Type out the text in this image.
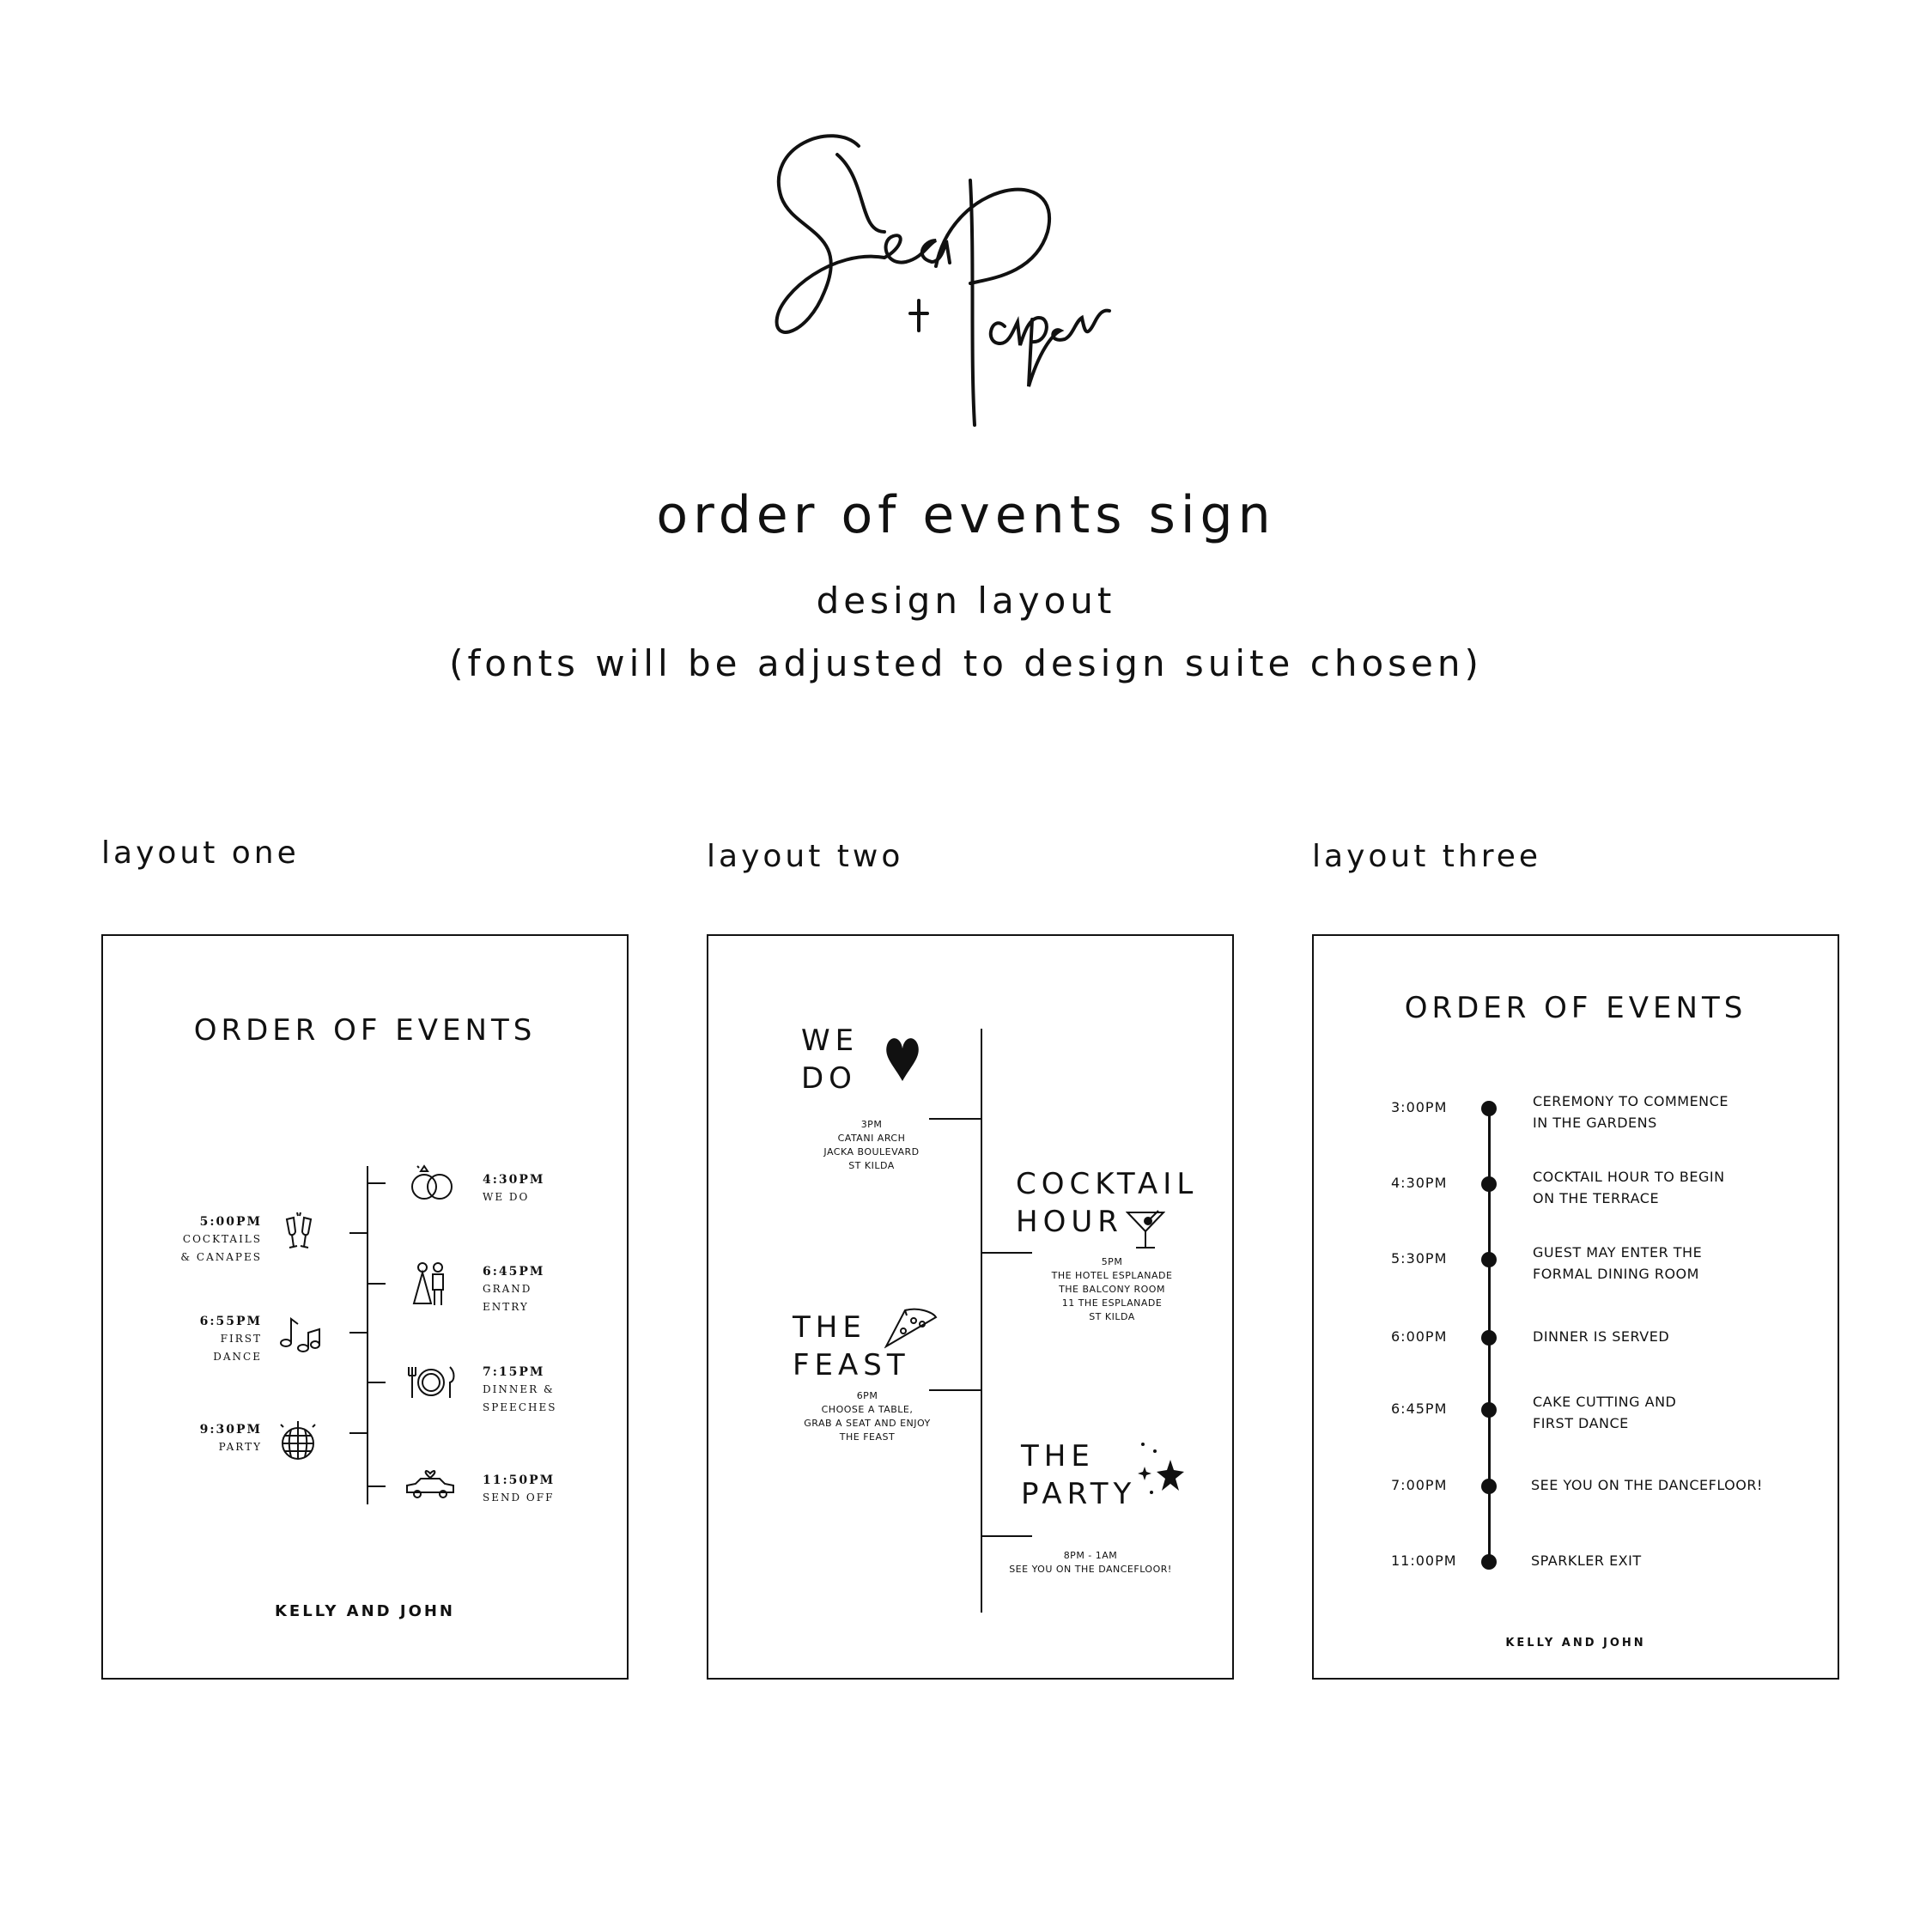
order of events sign
design layout
(fonts will be adjusted to design suite chosen)
layout one	layout two	layout three
ORDER OF EVENTS
5:00PM
COCKTAILS
& CANAPES
6:55PM
FIRST
DANCE
9:30PM
PARTY
4:30PM
WE DO
6:45PM
GRAND
ENTRY
7:15PM
DINNER &
SPEECHES
11:50PM
SEND OFF
KELLY AND JOHN
WE
DO
3PM
CATANI ARCH
JACKA BOULEVARD
ST KILDA
COCKTAIL
HOUR
5PM
THE HOTEL ESPLANADE
THE BALCONY ROOM
11 THE ESPLANADE
ST KILDA
THE
FEAST
6PM
CHOOSE A TABLE,
GRAB A SEAT AND ENJOY
THE FEAST
THE
PARTY
8PM - 1AM
SEE YOU ON THE DANCEFLOOR!
ORDER OF EVENTS
3:00PM	CEREMONY TO COMMENCE
IN THE GARDENS
4:30PM	COCKTAIL HOUR TO BEGIN
ON THE TERRACE
5:30PM	GUEST MAY ENTER THE
FORMAL DINING ROOM
6:00PM	DINNER IS SERVED
6:45PM	CAKE CUTTING AND
FIRST DANCE
7:00PM	SEE YOU ON THE DANCEFLOOR!
11:00PM	SPARKLER EXIT
KELLY AND JOHN
